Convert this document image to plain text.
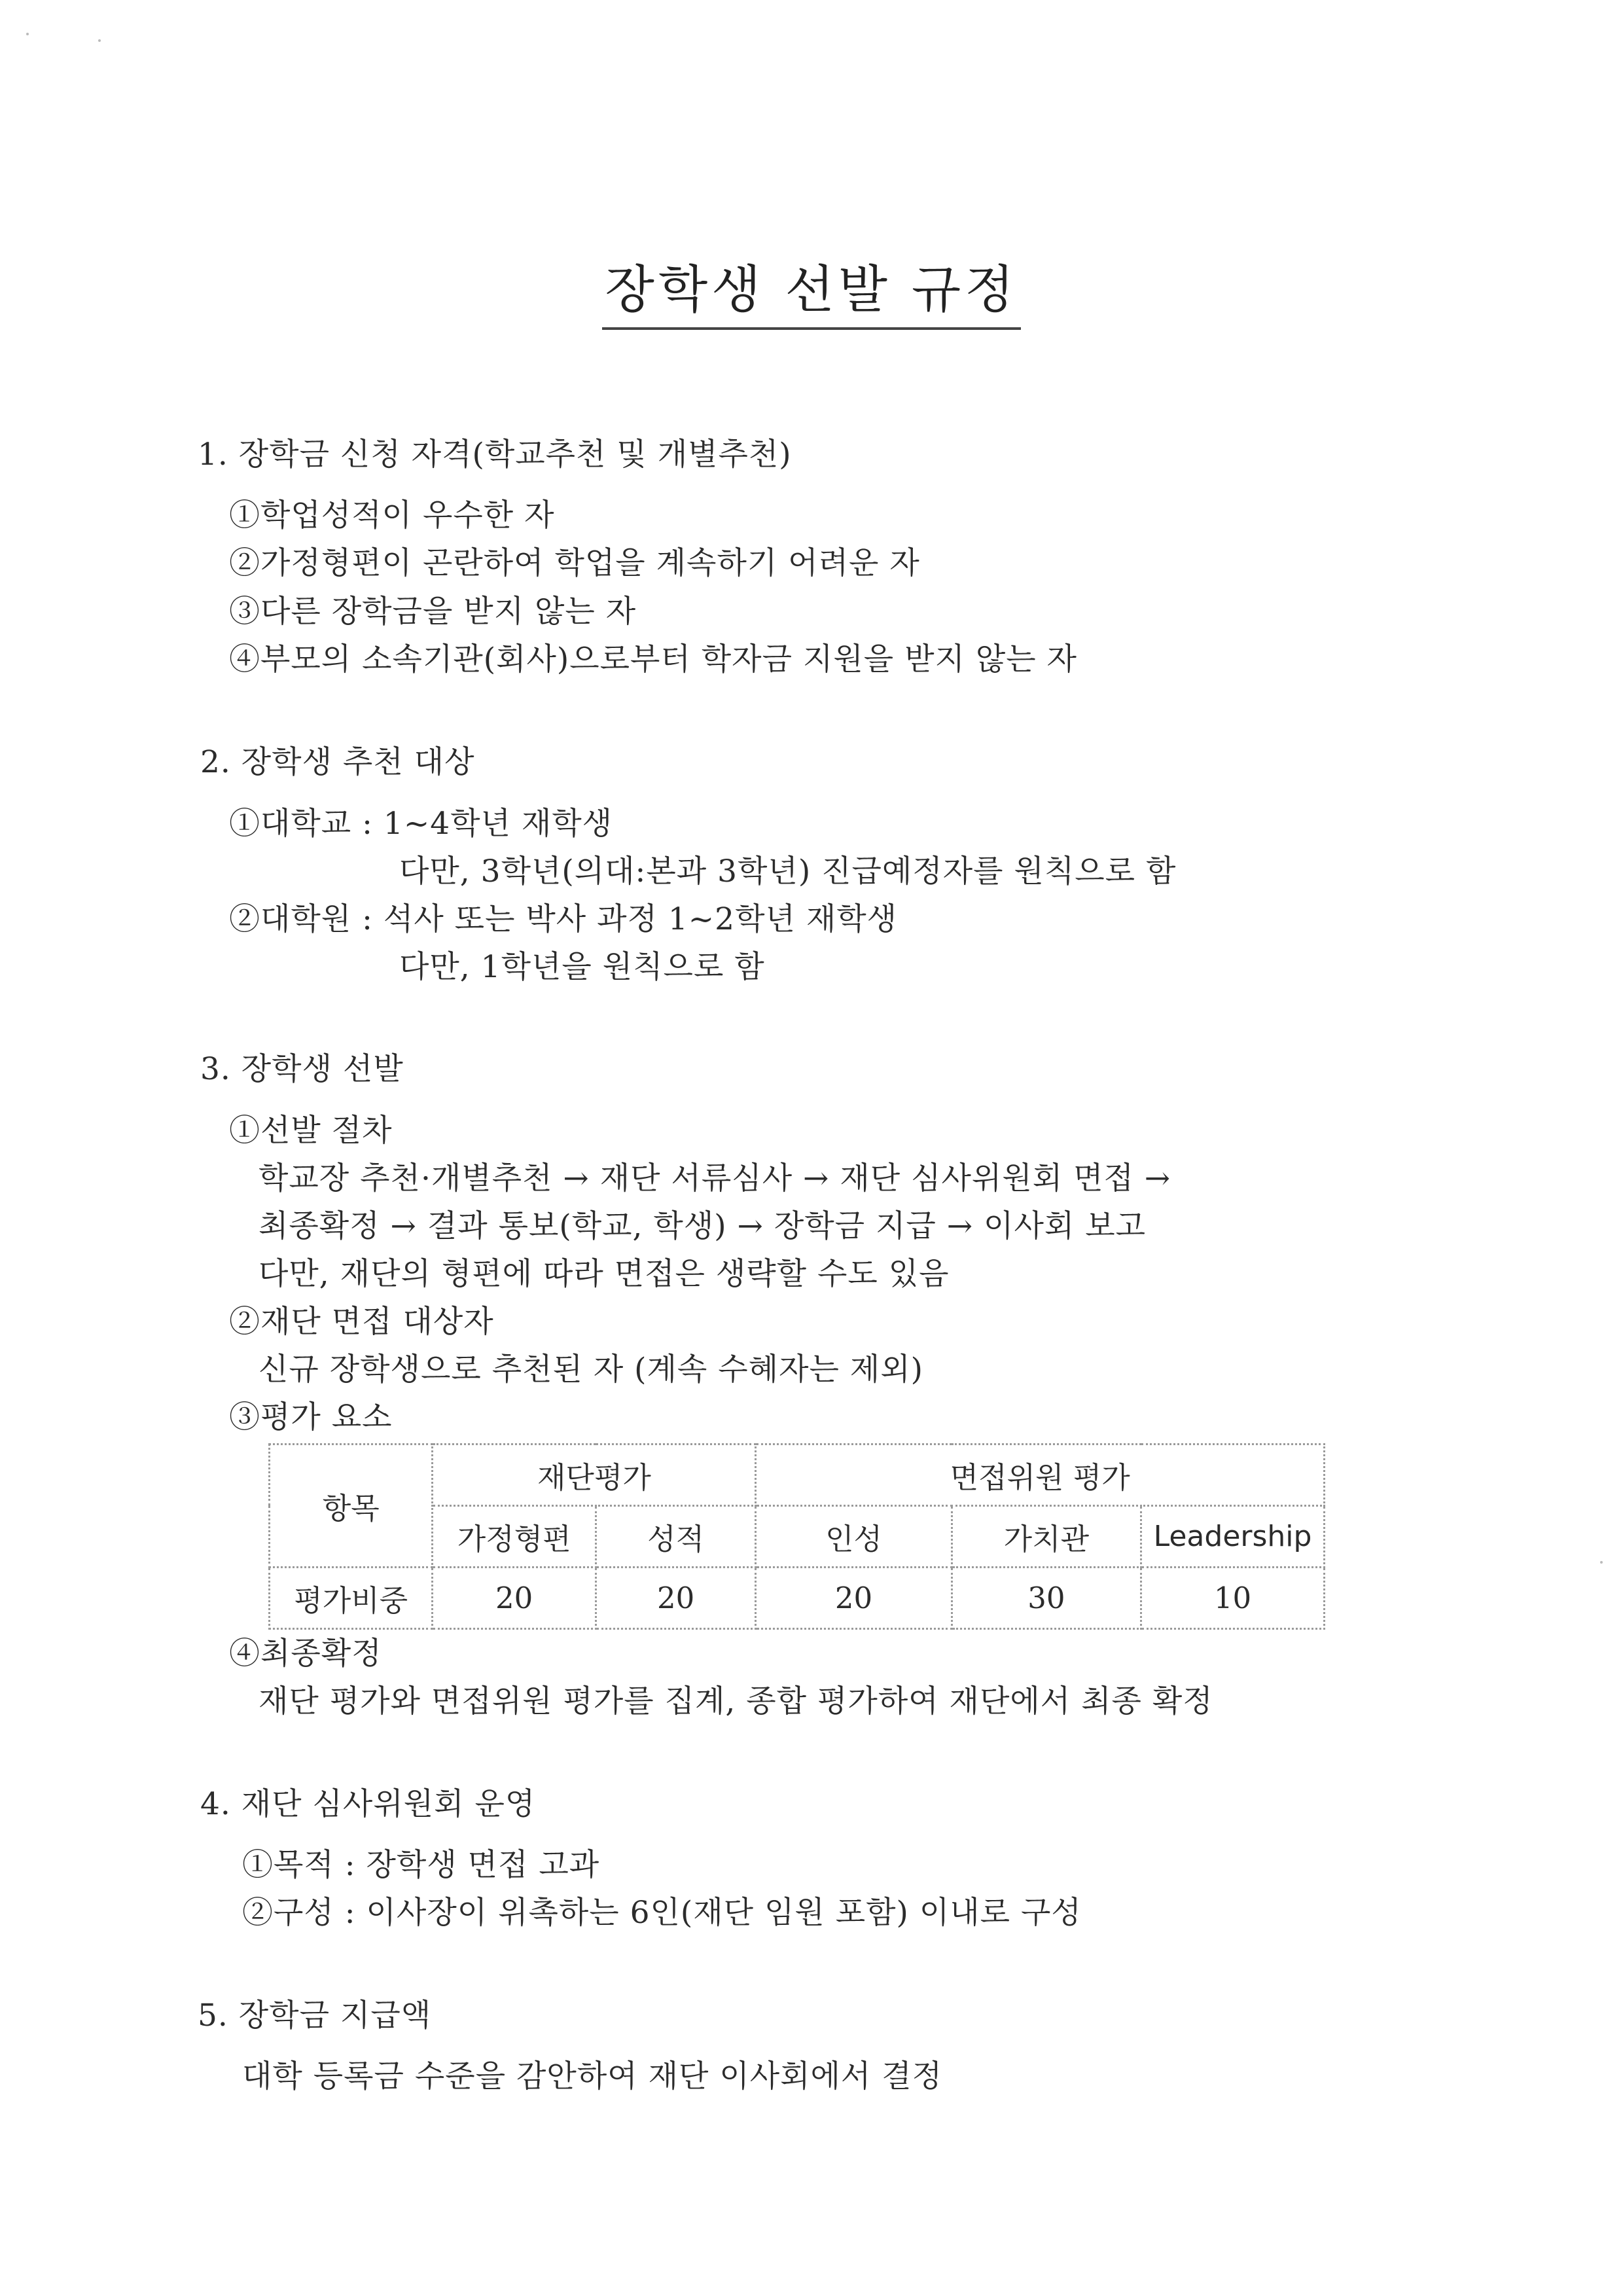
장학생 선발 규정
1. 장학금 신청 자격(학교추천 및 개별추천)
①학업성적이 우수한 자
②가정형편이 곤란하여 학업을 계속하기 어려운 자
③다른 장학금을 받지 않는 자
④부모의 소속기관(회사)으로부터 학자금 지원을 받지 않는 자
2. 장학생 추천 대상
①대학교 : 1~4학년 재학생
다만, 3학년(의대:본과 3학년) 진급예정자를 원칙으로 함
②대학원 : 석사 또는 박사 과정 1~2학년 재학생
다만, 1학년을 원칙으로 함
3. 장학생 선발
①선발 절차
학교장 추천·개별추천 → 재단 서류심사 → 재단 심사위원회 면접 →
최종확정 → 결과 통보(학교, 학생) → 장학금 지급 → 이사회 보고
다만, 재단의 형편에 따라 면접은 생략할 수도 있음
②재단 면접 대상자
신규 장학생으로 추천된 자 (계속 수혜자는 제외)
③평가 요소
항목	재단평가		면접위원 평가		
	가정형편	성적	인성	가치관	Leadership
평가비중	20	20	20	30	10
④최종확정
재단 평가와 면접위원 평가를 집계, 종합 평가하여 재단에서 최종 확정
4. 재단 심사위원회 운영
①목적 : 장학생 면접 고과
②구성 : 이사장이 위촉하는 6인(재단 임원 포함) 이내로 구성
5. 장학금 지급액
대학 등록금 수준을 감안하여 재단 이사회에서 결정
